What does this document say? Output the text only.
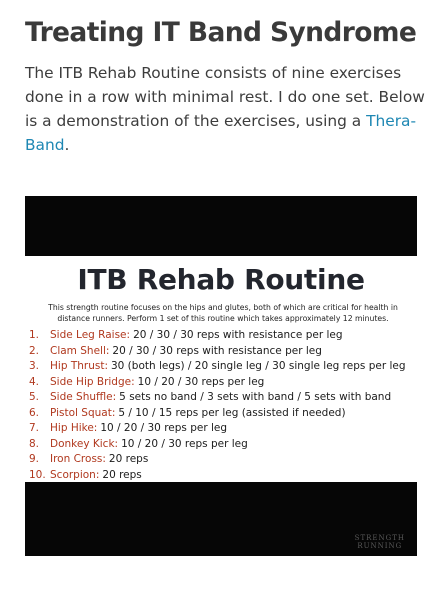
Treating IT Band Syndrome

The ITB Rehab Routine consists of nine exercises done in a row with minimal rest. I do one set. Below is a demonstration of the exercises, using a Thera-Band.

ITB Rehab Routine

This strength routine focuses on the hips and glutes, both of which are critical for health in distance runners. Perform 1 set of this routine which takes approximately 12 minutes.

1.	Side Leg Raise: 20 / 30 / 30 reps with resistance per leg
2.	Clam Shell: 20 / 30 / 30 reps with resistance per leg
3.	Hip Thrust: 30 (both legs) / 20 single leg / 30 single leg reps per leg
4.	Side Hip Bridge: 10 / 20 / 30 reps per leg
5.	Side Shuffle: 5 sets no band / 3 sets with band / 5 sets with band
6.	Pistol Squat: 5 / 10 / 15 reps per leg (assisted if needed)
7.	Hip Hike: 10 / 20 / 30 reps per leg
8.	Donkey Kick: 10 / 20 / 30 reps per leg
9.	Iron Cross: 20 reps
10. Scorpion: 20 reps
STRENGTH
RUNNING
